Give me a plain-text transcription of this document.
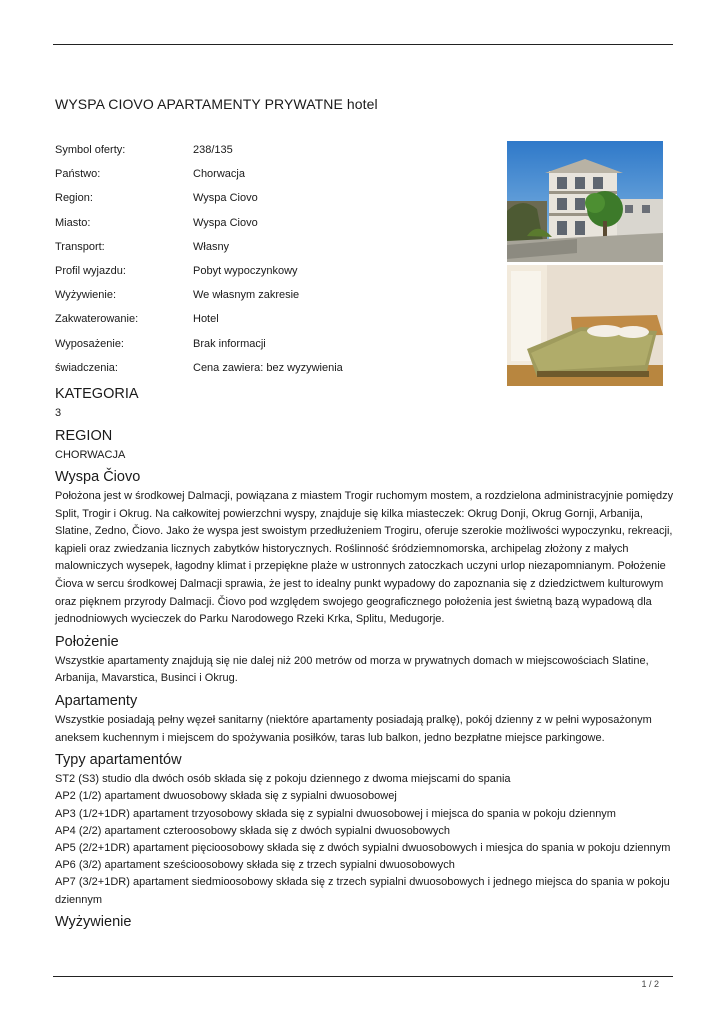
WYSPA CIOVO APARTAMENTY PRYWATNE hotel
Symbol oferty:	238/135
Państwo:	Chorwacja
Region:	Wyspa Ciovo
Miasto:	Wyspa Ciovo
Transport:	Własny
Profil wyjazdu:	Pobyt wypoczynkowy
Wyżywienie:	We własnym zakresie
Zakwaterowanie:	Hotel
Wyposażenie:	Brak informacji
świadczenia:	Cena zawiera: bez wyzywienia
KATEGORIA
3
REGION
CHORWACJA
Wyspa Čiovo
Położona jest w środkowej Dalmacji, powiązana z miastem Trogir ruchomym mostem, a rozdzielona administracyjnie pomiędzy Split, Trogir i Okrug. Na całkowitej powierzchni wyspy, znajduje się kilka miasteczek: Okrug Donji, Okrug Gornji, Arbanija, Slatine, Zedno, Čiovo. Jako że wyspa jest swoistym przedłużeniem Trogiru, oferuje szerokie możliwości wypoczynku, rekreacji, kąpieli oraz zwiedzania licznych zabytków historycznych. Roślinność śródziemnomorska, archipelag złożony z małych malowniczych wysepek, łagodny klimat i przepiękne plaże w ustronnych zatoczkach uczyni urlop niezapomnianym. Położenie Čiova w sercu środkowej Dalmacji sprawia, że jest to idealny punkt wypadowy do zapoznania się z dziedzictwem kulturowym oraz pięknem przyrody Dalmacji. Čiovo pod względem swojego geograficznego położenia jest świetną bazą wypadową dla jednodniowych wycieczek do Parku Narodowego Rzeki Krka, Splitu, Medugorje.
Położenie
Wszystkie apartamenty znajdują się nie dalej niż 200 metrów od morza w prywatnych domach w miejscowościach Slatine, Arbanija, Mavarstica, Businci i Okrug.
Apartamenty
Wszystkie posiadają pełny węzeł sanitarny (niektóre apartamenty posiadają pralkę), pokój dzienny z w pełni wyposażonym aneksem kuchennym i miejscem do spożywania posiłków, taras lub balkon, jedno bezpłatne miejsce parkingowe.
Typy apartamentów
ST2 (S3) studio dla dwóch osób składa się z pokoju dziennego z dwoma miejscami do spania
AP2 (1/2) apartament dwuosobowy składa się z sypialni dwuosobowej
AP3 (1/2+1DR) apartament trzyosobowy składa się z sypialni dwuosobowej i miejsca do spania w pokoju dziennym
AP4 (2/2) apartament czteroosobowy składa się z dwóch sypialni dwuosobowych
AP5 (2/2+1DR) apartament pięcioosobowy składa się z dwóch sypialni dwuosobowych i miesjca do spania w pokoju dziennym
AP6 (3/2) apartament sześcioosobowy składa się z trzech sypialni dwuosobowych
AP7 (3/2+1DR) apartament siedmioosobowy składa się z trzech sypialni dwuosobowych i jednego miejsca do spania w pokoju dziennym
Wyżywienie
1 / 2
